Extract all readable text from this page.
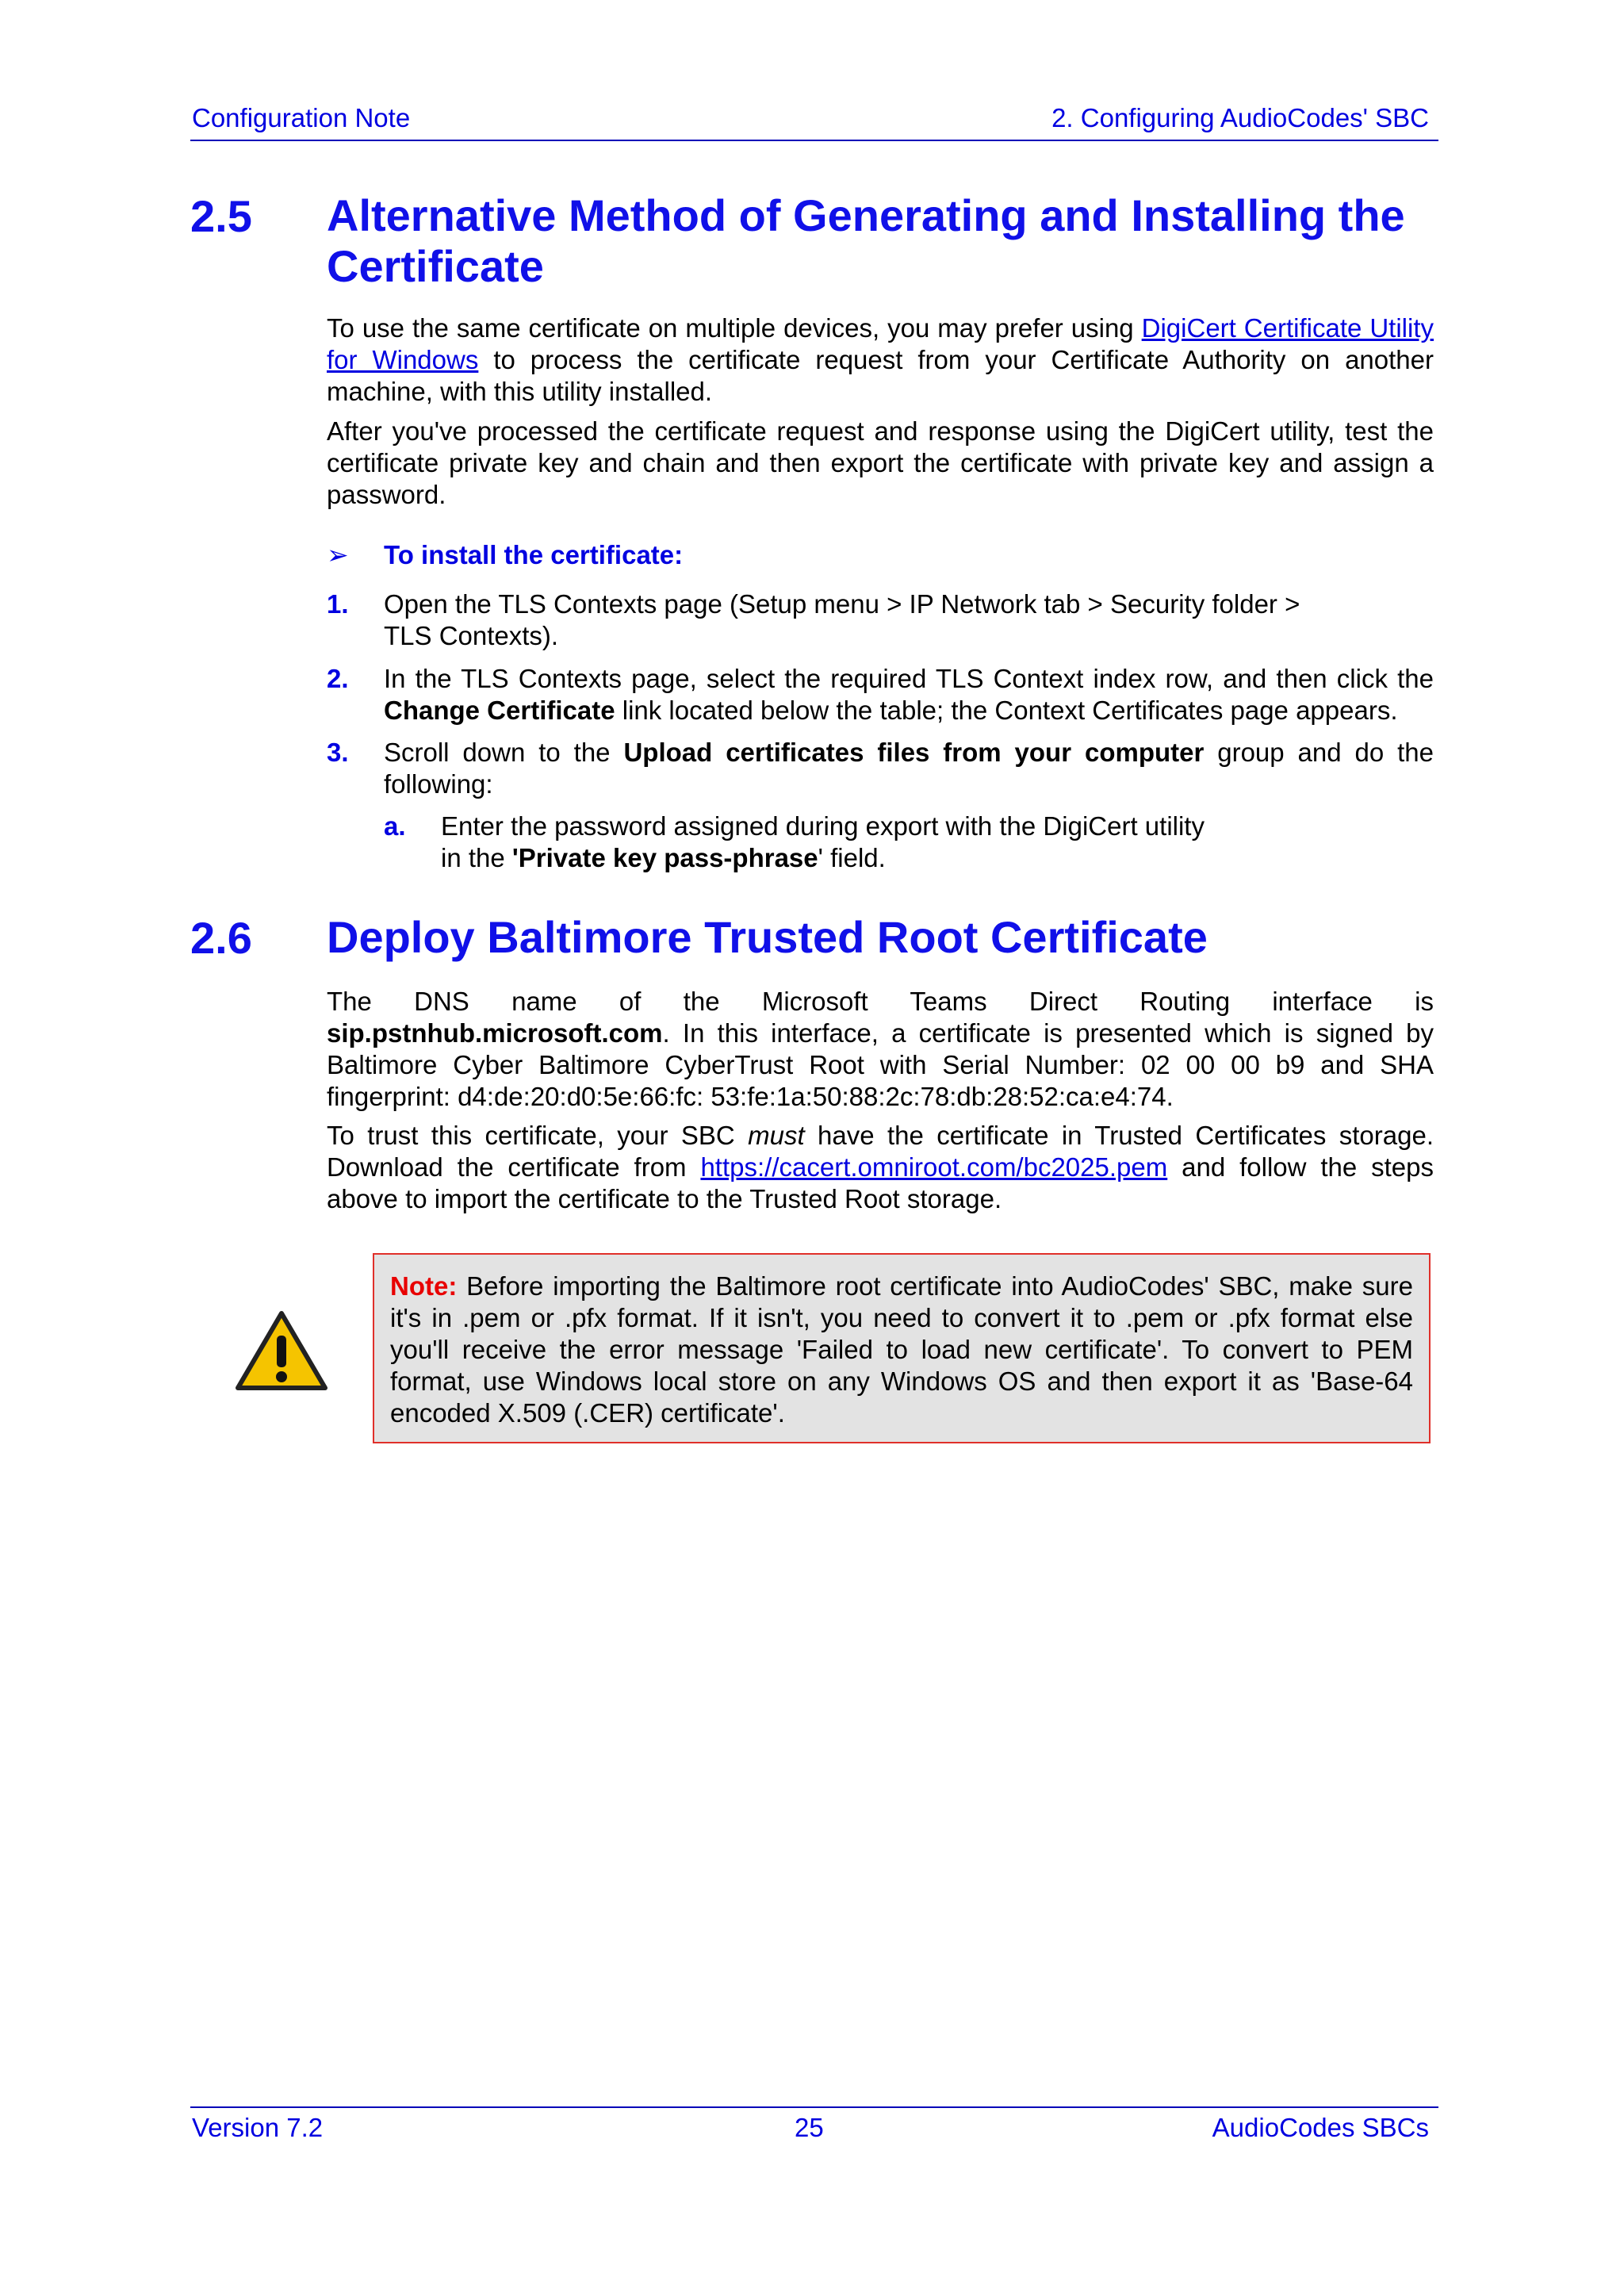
Configuration Note	2. Configuring AudioCodes' SBC
2.5 Alternative Method of Generating and Installing the
Certificate
To use the same certificate on multiple devices, you may prefer using DigiCert Certificate Utility for Windows to process the certificate request from your Certificate Authority on another machine, with this utility installed.
After you've processed the certificate request and response using the DigiCert utility, test the certificate private key and chain and then export the certificate with private key and assign a password.
➢ To install the certificate:
1. Open the TLS Contexts page (Setup menu > IP Network tab > Security folder >
TLS Contexts).
2. In the TLS Contexts page, select the required TLS Context index row, and then click the Change Certificate link located below the table; the Context Certificates page appears.
3. Scroll down to the Upload certificates files from your computer group and do the following:
a. Enter the password assigned during export with the DigiCert utility
in the 'Private key pass-phrase' field.
2.6 Deploy Baltimore Trusted Root Certificate
The DNS name of the Microsoft Teams Direct Routing interface is
sip.pstnhub.microsoft.com. In this interface, a certificate is presented which is signed by Baltimore Cyber Baltimore CyberTrust Root with Serial Number: 02 00 00 b9 and SHA fingerprint: d4:de:20:d0:5e:66:fc: 53:fe:1a:50:88:2c:78:db:28:52:ca:e4:74.
To trust this certificate, your SBC must have the certificate in Trusted Certificates storage. Download the certificate from https://cacert.omniroot.com/bc2025.pem and follow the steps above to import the certificate to the Trusted Root storage.
Note: Before importing the Baltimore root certificate into AudioCodes' SBC, make sure it's in .pem or .pfx format. If it isn't, you need to convert it to .pem or .pfx format else you'll receive the error message 'Failed to load new certificate'. To convert to PEM format, use Windows local store on any Windows OS and then export it as 'Base-64 encoded X.509 (.CER) certificate'.
Version 7.2	25	AudioCodes SBCs
